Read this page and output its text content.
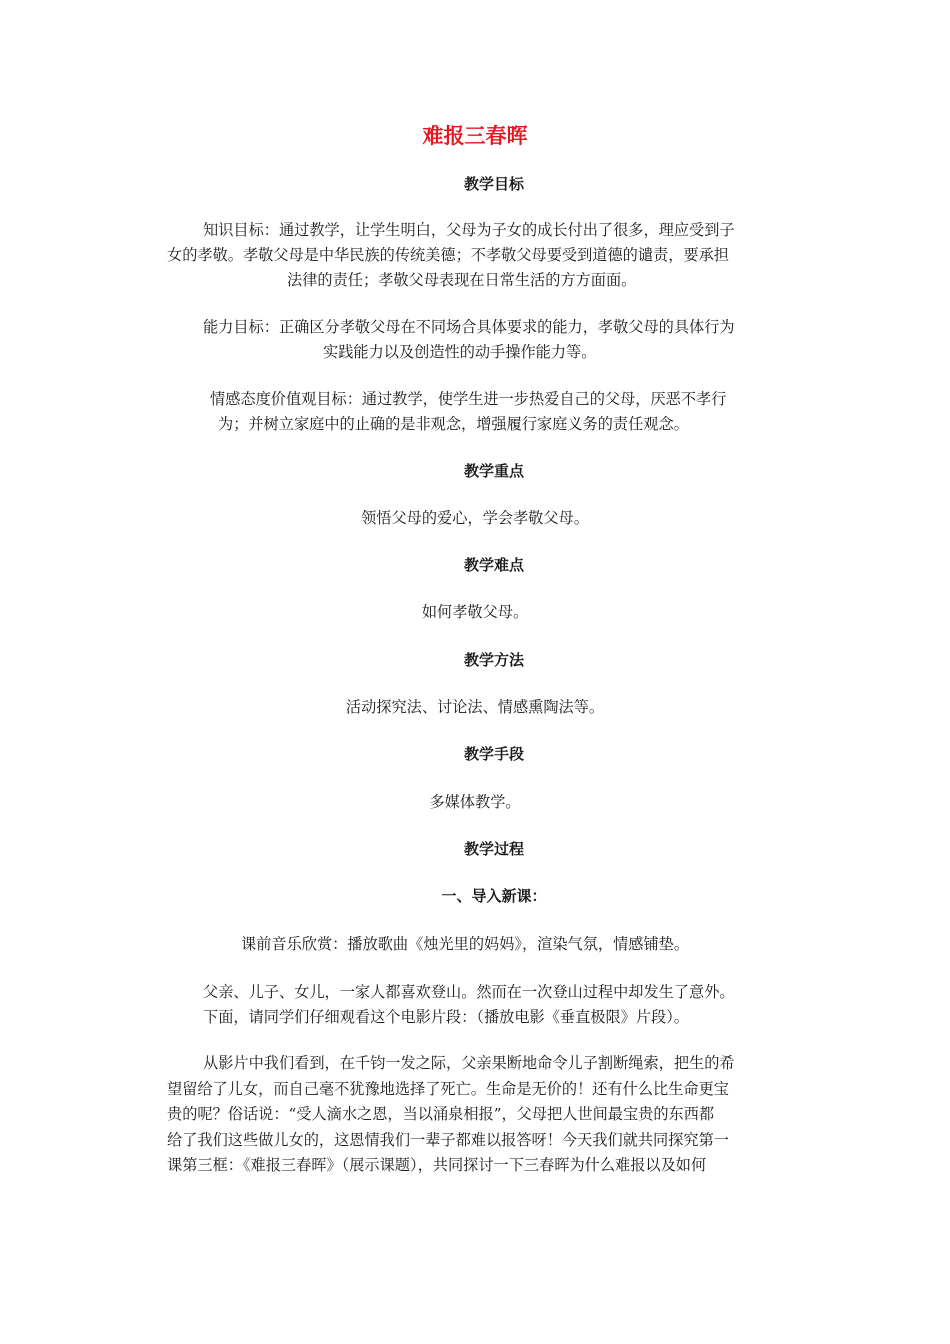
难报三春晖
教学目标
知识目标：通过教学，让学生明白，父母为子女的成长付出了很多，理应受到子
女的孝敬。孝敬父母是中华民族的传统美德；不孝敬父母要受到道德的谴责，要承担
法律的责任；孝敬父母表现在日常生活的方方面面。
能力目标：正确区分孝敬父母在不同场合具体要求的能力，孝敬父母的具体行为
实践能力以及创造性的动手操作能力等。
情感态度价值观目标：通过教学，使学生进一步热爱自己的父母，厌恶不孝行
为；并树立家庭中的止确的是非观念，增强履行家庭义务的责任观念。
教学重点
领悟父母的爱心，学会孝敬父母。
教学难点
如何孝敬父母。
教学方法
活动探究法、讨论法、情感熏陶法等。
教学手段
多媒体教学。
教学过程
一、导入新课：
课前音乐欣赏：播放歌曲《烛光里的妈妈》，渲染气氛，情感铺垫。
父亲、儿子、女儿，一家人都喜欢登山。然而在一次登山过程中却发生了意外。
下面，请同学们仔细观看这个电影片段：（播放电影《垂直极限》片段）。
从影片中我们看到，在千钧一发之际，父亲果断地命令儿子割断绳索，把生的希
望留给了儿女，而自己毫不犹豫地选择了死亡。生命是无价的！还有什么比生命更宝
贵的呢？俗话说：“受人滴水之恩，当以涌泉相报”，父母把人世间最宝贵的东西都
给了我们这些做儿女的，这恩情我们一辈子都难以报答呀！今天我们就共同探究第一
课第三框：《难报三春晖》（展示课题），共同探讨一下三春晖为什么难报以及如何
